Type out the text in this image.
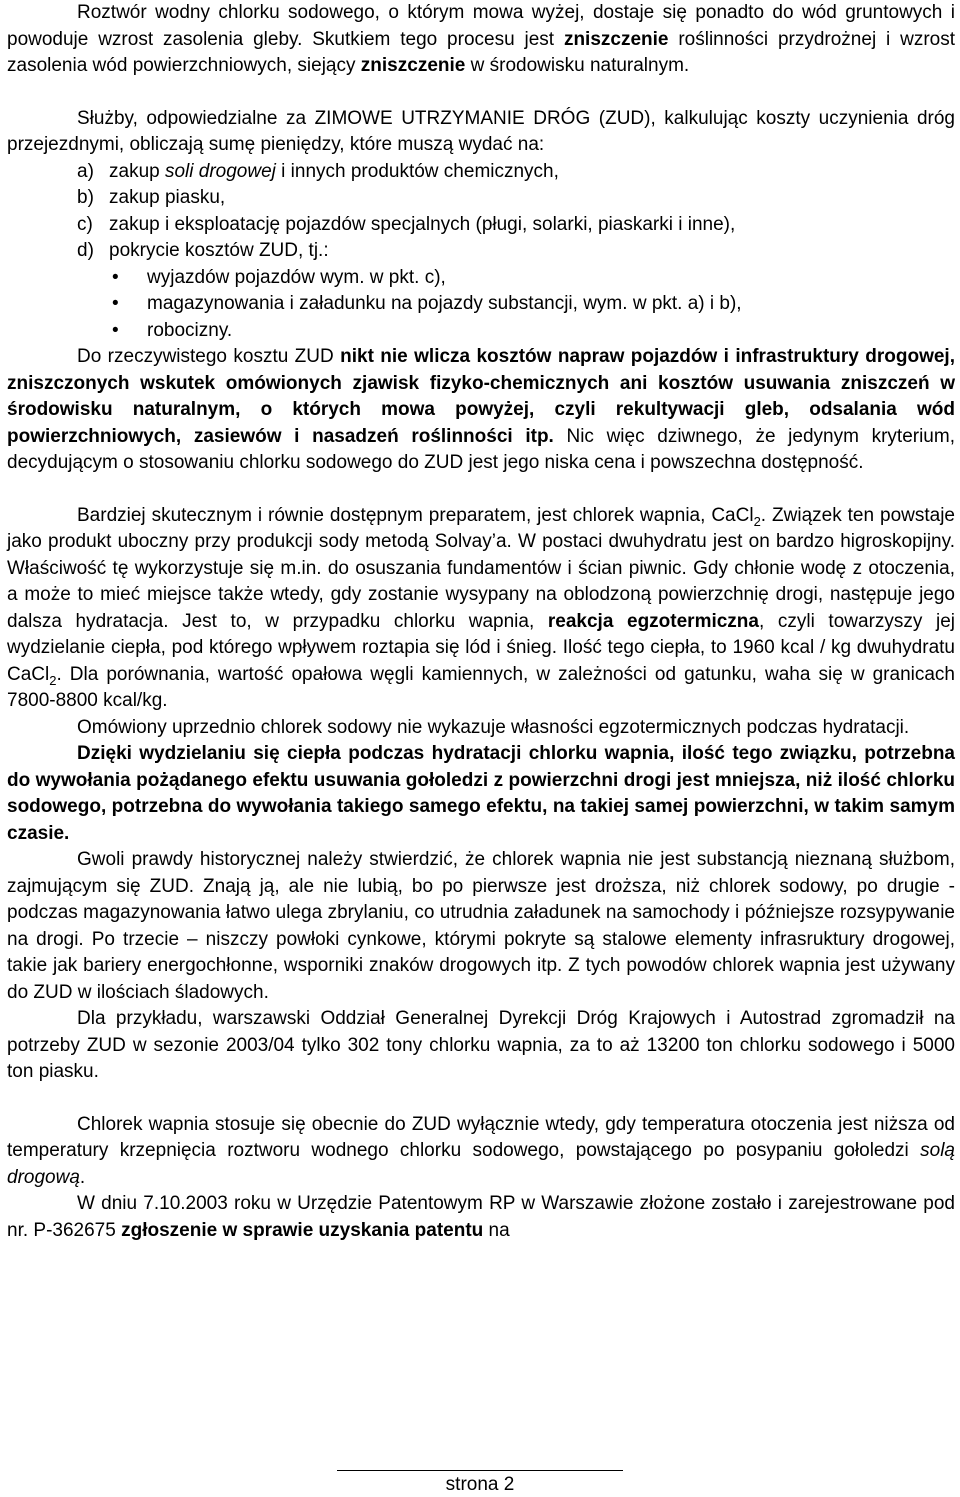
Roztwór wodny chlorku sodowego, o którym mowa wyżej, dostaje się ponadto do wód gruntowych i powoduje wzrost zasolenia gleby. Skutkiem tego procesu jest zniszczenie roślinności przydrożnej i wzrost zasolenia wód powierzchniowych, siejący zniszczenie w środowisku naturalnym.

Służby, odpowiedzialne za ZIMOWE UTRZYMANIE DRÓG (ZUD), kalkulując koszty uczynienia dróg przejezdnymi, obliczają sumę pieniędzy, które muszą wydać na:

a) zakup soli drogowej i innych produktów chemicznych,
b) zakup piasku,
c) zakup i eksploatację pojazdów specjalnych (pługi, solarki, piaskarki i inne),
d) pokrycie kosztów ZUD, tj.:
• wyjazdów pojazdów wym. w pkt. c),
• magazynowania i załadunku na pojazdy substancji, wym. w pkt. a) i b),
• robocizny.

Do rzeczywistego kosztu ZUD nikt nie wlicza kosztów napraw pojazdów i infrastruktury drogowej, zniszczonych wskutek omówionych zjawisk fizyko-chemicznych ani kosztów usuwania zniszczeń w środowisku naturalnym, o których mowa powyżej, czyli rekultywacji gleb, odsalania wód powierzchniowych, zasiewów i nasadzeń roślinności itp. Nic więc dziwnego, że jedynym kryterium, decydującym o stosowaniu chlorku sodowego do ZUD jest jego niska cena i powszechna dostępność.

Bardziej skutecznym i równie dostępnym preparatem, jest chlorek wapnia, CaCl$_2$. Związek ten powstaje jako produkt uboczny przy produkcji sody metodą Solvay’a. W postaci dwuhydratu jest on bardzo higroskopijny. Właściwość tę wykorzystuje się m.in. do osuszania fundamentów i ścian piwnic. Gdy chłonie wodę z otoczenia, a może to mieć miejsce także wtedy, gdy zostanie wysypany na oblodzoną powierzchnię drogi, następuje jego dalsza hydratacja. Jest to, w przypadku chlorku wapnia, reakcja egzotermiczna, czyli towarzyszy jej wydzielanie ciepła, pod którego wpływem roztapia się lód i śnieg. Ilość tego ciepła, to 1960 kcal / kg dwuhydratu CaCl$_2$. Dla porównania, wartość opałowa węgli kamiennych, w zależności od gatunku, waha się w granicach 7800-8800 kcal/kg.

Omówiony uprzednio chlorek sodowy nie wykazuje własności egzotermicznych podczas hydratacji.

Dzięki wydzielaniu się ciepła podczas hydratacji chlorku wapnia, ilość tego związku, potrzebna do wywołania pożądanego efektu usuwania gołoledzi z powierzchni drogi jest mniejsza, niż ilość chlorku sodowego, potrzebna do wywołania takiego samego efektu, na takiej samej powierzchni, w takim samym czasie.

Gwoli prawdy historycznej należy stwierdzić, że chlorek wapnia nie jest substancją nieznaną służbom, zajmującym się ZUD. Znają ją, ale nie lubią, bo po pierwsze jest droższa, niż chlorek sodowy, po drugie - podczas magazynowania łatwo ulega zbrylaniu, co utrudnia załadunek na samochody i późniejsze rozsypywanie na drogi. Po trzecie – niszczy powłoki cynkowe, którymi pokryte są stalowe elementy infrasruktury drogowej, takie jak bariery energochłonne, wsporniki znaków drogowych itp. Z tych powodów chlorek wapnia jest używany do ZUD w ilościach śladowych.

Dla przykładu, warszawski Oddział Generalnej Dyrekcji Dróg Krajowych i Autostrad zgromadził na potrzeby ZUD w sezonie 2003/04 tylko 302 tony chlorku wapnia, za to aż 13200 ton chlorku sodowego i 5000 ton piasku.

Chlorek wapnia stosuje się obecnie do ZUD wyłącznie wtedy, gdy temperatura otoczenia jest niższa od temperatury krzepnięcia roztworu wodnego chlorku sodowego, powstającego po posypaniu gołoledzi solą drogową.

W dniu 7.10.2003 roku w Urzędzie Patentowym RP w Warszawie złożone zostało i zarejestrowane pod nr. P-362675 zgłoszenie w sprawie uzyskania patentu na

strona 2
